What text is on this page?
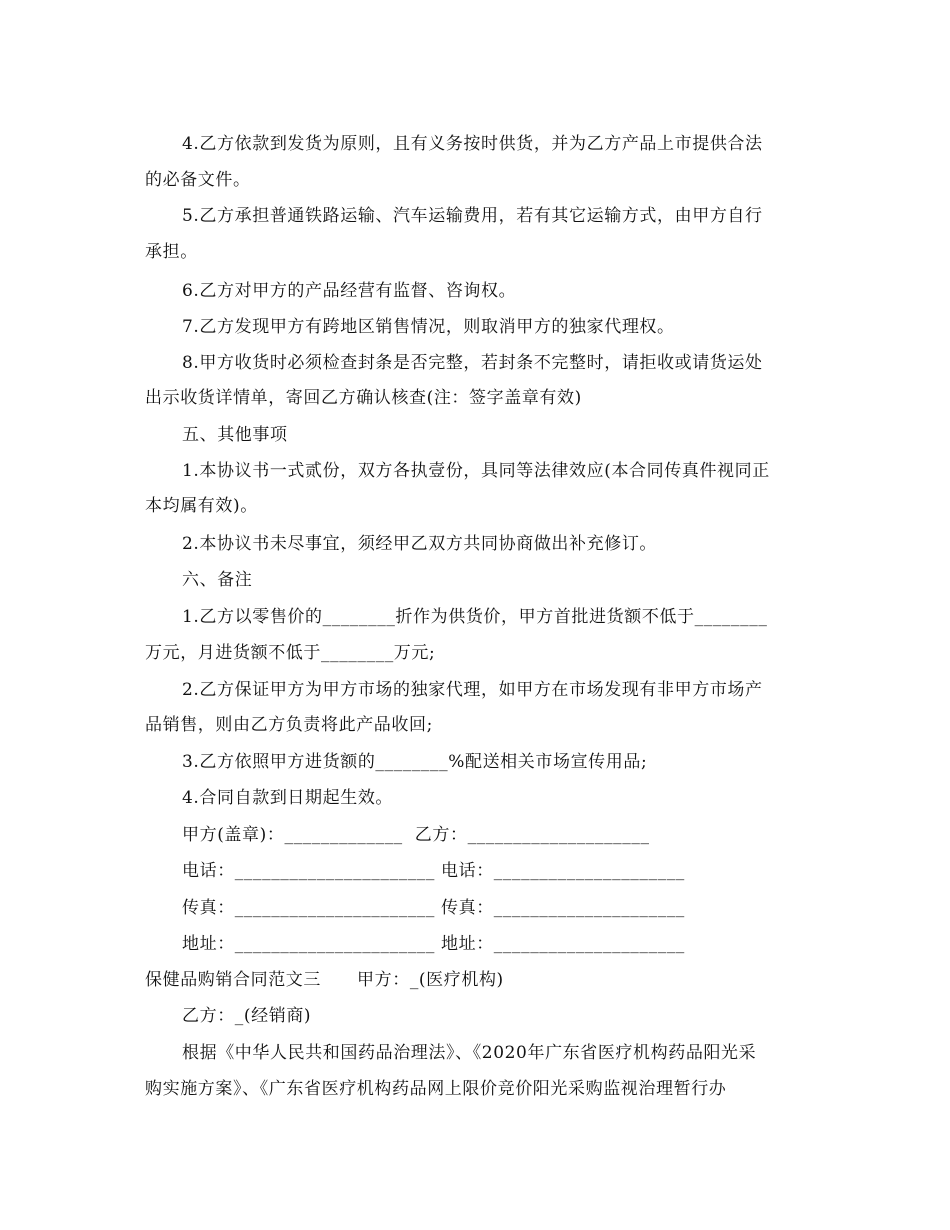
4.乙方依款到发货为原则，且有义务按时供货，并为乙方产品上市提供合法
的必备文件。
5.乙方承担普通铁路运输、汽车运输费用，若有其它运输方式，由甲方自行
承担。
6.乙方对甲方的产品经营有监督、咨询权。
7.乙方发现甲方有跨地区销售情况，则取消甲方的独家代理权。
8.甲方收货时必须检查封条是否完整，若封条不完整时，请拒收或请货运处
出示收货详情单，寄回乙方确认核查(注：签字盖章有效)
五、其他事项
1.本协议书一式贰份，双方各执壹份，具同等法律效应(本合同传真件视同正
本均属有效)。
2.本协议书未尽事宜，须经甲乙双方共同协商做出补充修订。
六、备注
1.乙方以零售价的________折作为供货价，甲方首批进货额不低于________
万元，月进货额不低于________万元;
2.乙方保证甲方为甲方市场的独家代理，如甲方在市场发现有非甲方市场产
品销售，则由乙方负责将此产品收回;
3.乙方依照甲方进货额的________%配送相关市场宣传用品;
4.合同自款到日期起生效。
甲方(盖章)：_____________  乙方：____________________
电话：______________________ 电话：_____________________
传真：______________________ 传真：_____________________
地址：______________________ 地址：_____________________
保健品购销合同范文三      甲方：_(医疗机构)
乙方：_(经销商)
根据《中华人民共和国药品治理法》、《2020年广东省医疗机构药品阳光采
购实施方案》、《广东省医疗机构药品网上限价竞价阳光采购监视治理暂行办
